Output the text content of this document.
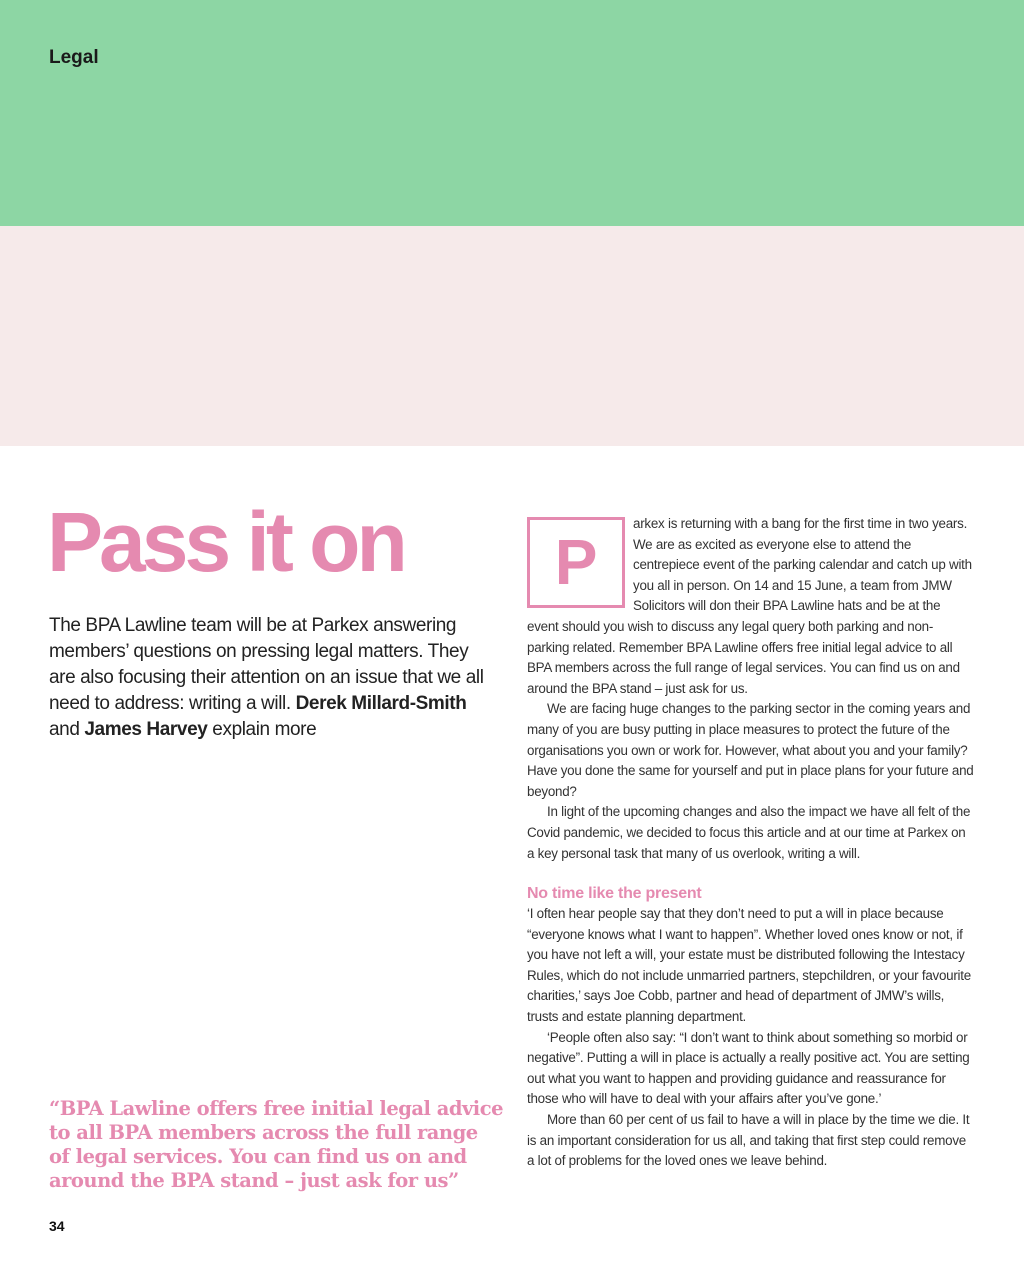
Legal
Pass it on
The BPA Lawline team will be at Parkex answering members’ questions on pressing legal matters. They are also focusing their attention on an issue that we all need to address: writing a will. Derek Millard-Smith and James Harvey explain more
“BPA Lawline offers free initial legal advice to all BPA members across the full range of legal services. You can find us on and around the BPA stand – just ask for us”
34
P

arkex is returning with a bang for the first time in two years. We are as excited as everyone else to attend the centrepiece event of the parking calendar and catch up with you all in person. On 14 and 15 June, a team from JMW Solicitors will don their BPA Lawline hats and be at the event should you wish to discuss any legal query both parking and non-parking related. Remember BPA Lawline offers free initial legal advice to all BPA members across the full range of legal services. You can find us on and around the BPA stand – just ask for us.

We are facing huge changes to the parking sector in the coming years and many of you are busy putting in place measures to protect the future of the organisations you own or work for. However, what about you and your family? Have you done the same for yourself and put in place plans for your future and beyond?

In light of the upcoming changes and also the impact we have all felt of the Covid pandemic, we decided to focus this article and at our time at Parkex on a key personal task that many of us overlook, writing a will.

No time like the present

‘I often hear people say that they don’t need to put a will in place because “everyone knows what I want to happen”. Whether loved ones know or not, if you have not left a will, your estate must be distributed following the Intestacy Rules, which do not include unmarried partners, stepchildren, or your favourite charities,’ says Joe Cobb, partner and head of department of JMW’s wills, trusts and estate planning department.

‘People often also say: “I don’t want to think about something so morbid or negative”. Putting a will in place is actually a really positive act. You are setting out what you want to happen and providing guidance and reassurance for those who will have to deal with your affairs after you’ve gone.’

More than 60 per cent of us fail to have a will in place by the time we die. It is an important consideration for us all, and taking that first step could remove a lot of problems for the loved ones we leave behind.
